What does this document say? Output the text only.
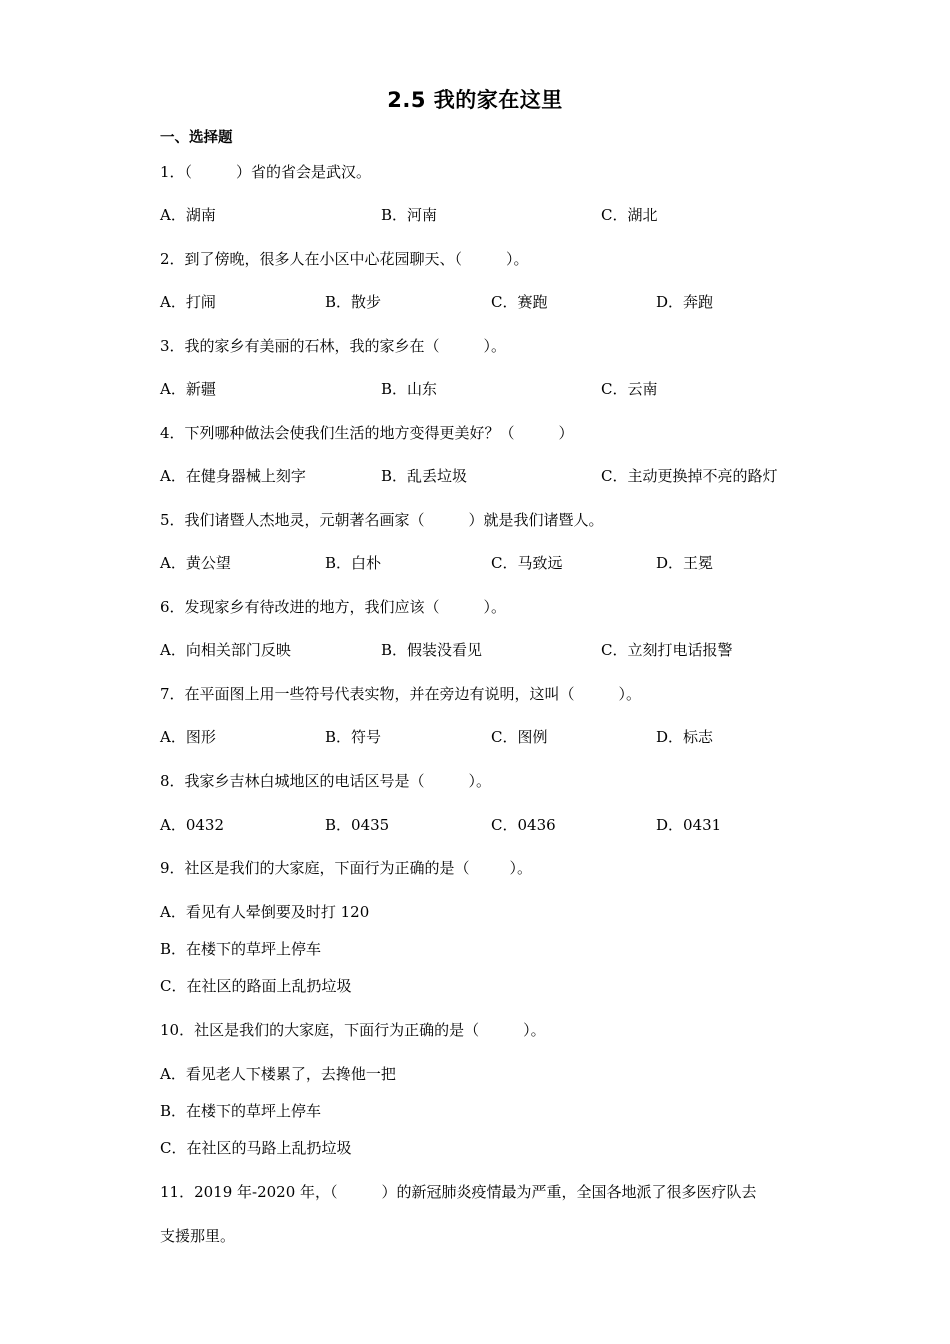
2.5 我的家在这里
一、选择题
1．（	）省的省会是武汉。
A．湖南	B．河南	C．湖北
2．到了傍晚，很多人在小区中心花园聊天、（	）。
A．打闹	B．散步	C．赛跑	D．奔跑
3．我的家乡有美丽的石林，我的家乡在（	）。
A．新疆	B．山东	C．云南
4．下列哪种做法会使我们生活的地方变得更美好？（	）
A．在健身器械上刻字	B．乱丢垃圾	C．主动更换掉不亮的路灯
5．我们诸暨人杰地灵，元朝著名画家（	）就是我们诸暨人。
A．黄公望	B．白朴	C．马致远	D．王冕
6．发现家乡有待改进的地方，我们应该（	）。
A．向相关部门反映	B．假装没看见	C．立刻打电话报警
7．在平面图上用一些符号代表实物，并在旁边有说明，这叫（	）。
A．图形	B．符号	C．图例	D．标志
8．我家乡吉林白城地区的电话区号是（	）。
A．0432	B．0435	C．0436	D．0431
9．社区是我们的大家庭，下面行为正确的是（	）。
A．看见有人晕倒要及时打 120
B．在楼下的草坪上停车
C．在社区的路面上乱扔垃圾
10．社区是我们的大家庭，下面行为正确的是（	）。
A．看见老人下楼累了，去搀他一把
B．在楼下的草坪上停车
C．在社区的马路上乱扔垃圾
11．2019 年-2020 年，（	）的新冠肺炎疫情最为严重，全国各地派了很多医疗队去
支援那里。
